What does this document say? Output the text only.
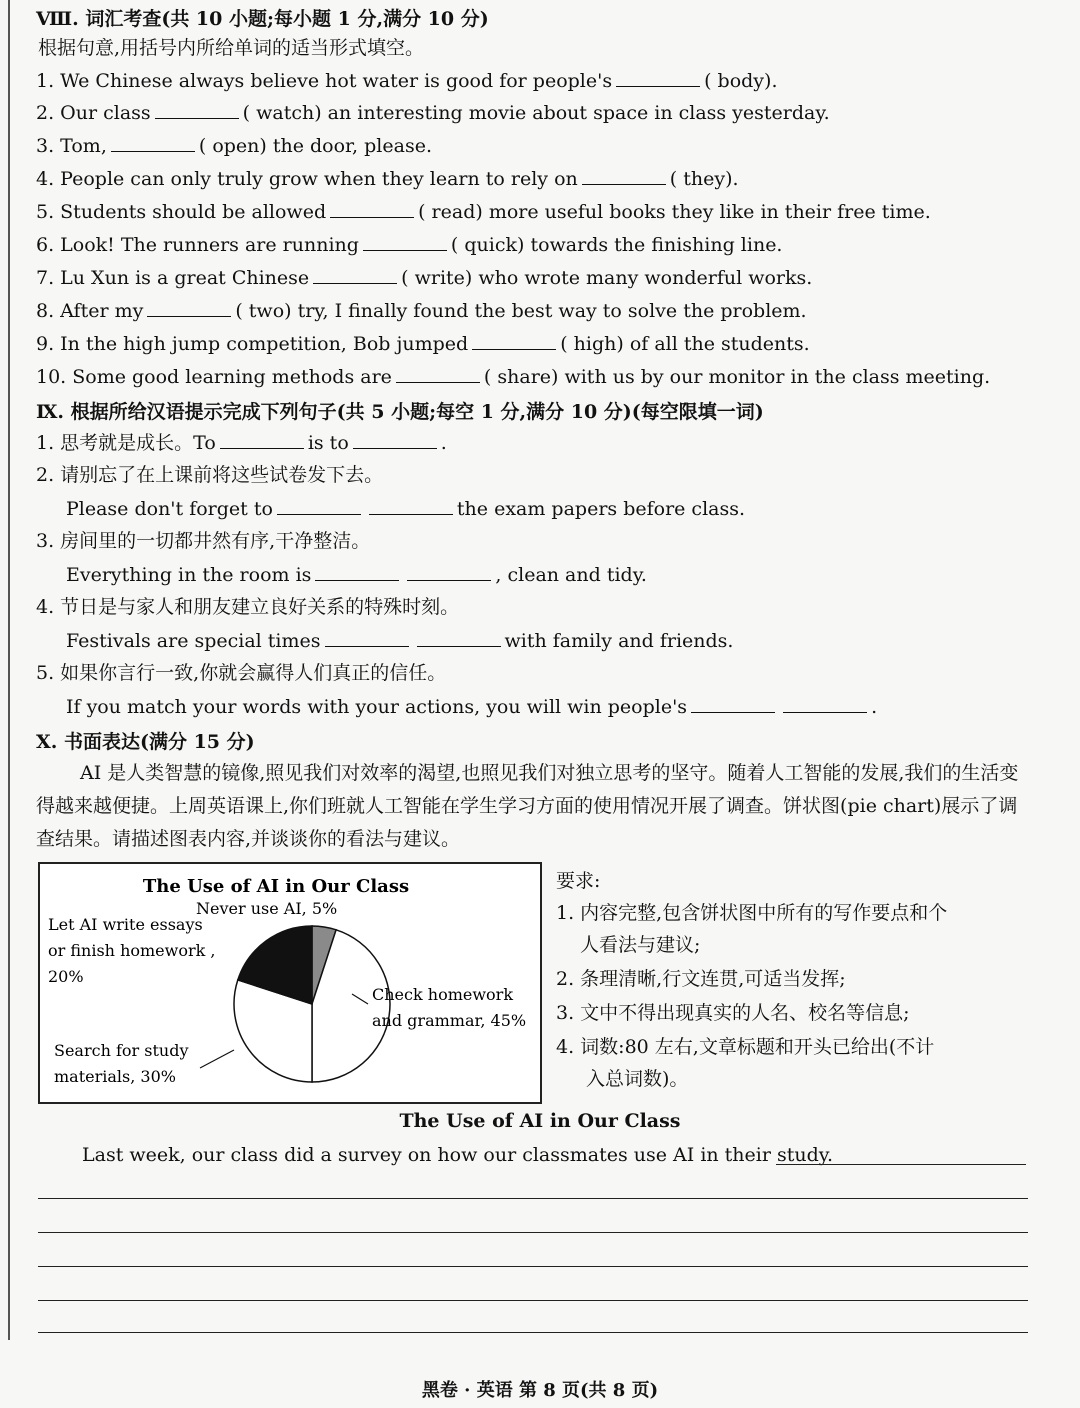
Ⅷ. 词汇考查(共 10 小题;每小题 1 分,满分 10 分)
根据句意,用括号内所给单词的适当形式填空。
1. We Chinese always believe hot water is good for people's	( body).
2. Our class	( watch) an interesting movie about space in class yesterday.
3. Tom,	( open) the door, please.
4. People can only truly grow when they learn to rely on	( they).
5. Students should be allowed	( read) more useful books they like in their free time.
6. Look! The runners are running	( quick) towards the finishing line.
7. Lu Xun is a great Chinese	( write) who wrote many wonderful works.
8. After my	( two) try, I finally found the best way to solve the problem.
9. In the high jump competition, Bob jumped	( high) of all the students.
10. Some good learning methods are	( share) with us by our monitor in the class meeting.
Ⅸ. 根据所给汉语提示完成下列句子(共 5 小题;每空 1 分,满分 10 分)(每空限填一词)
1. 思考就是成长。To	is to	.
2. 请别忘了在上课前将这些试卷发下去。
Please don't forget to	the exam papers before class.
3. 房间里的一切都井然有序,干净整洁。
Everything in the room is	, clean and tidy.
4. 节日是与家人和朋友建立良好关系的特殊时刻。
Festivals are special times	with family and friends.
5. 如果你言行一致,你就会赢得人们真正的信任。
If you match your words with your actions, you will win people's	.
Ⅹ. 书面表达(满分 15 分)

AI 是人类智慧的镜像,照见我们对效率的渴望,也照见我们对独立思考的坚守。随着人工智能的发展,我们的生活变得越来越便捷。上周英语课上,你们班就人工智能在学生学习方面的使用情况开展了调查。饼状图(pie chart)展示了调查结果。请描述图表内容,并谈谈你的看法与建议。

The Use of AI in Our Class
Never use AI, 5%
Check homework
and grammar, 45%
Search for study
materials, 30%
Let AI write essays
or finish homework ,
20%
要求:
1. 内容完整,包含饼状图中所有的写作要点和个
人看法与建议;
2. 条理清晰,行文连贯,可适当发挥;
3. 文中不得出现真实的人名、校名等信息;
4. 词数:80 左右,文章标题和开头已给出(不计
入总词数)。
The Use of AI in Our Class
Last week, our class did a survey on how our classmates use AI in their study.
黑卷 · 英语 第 8 页(共 8 页)
